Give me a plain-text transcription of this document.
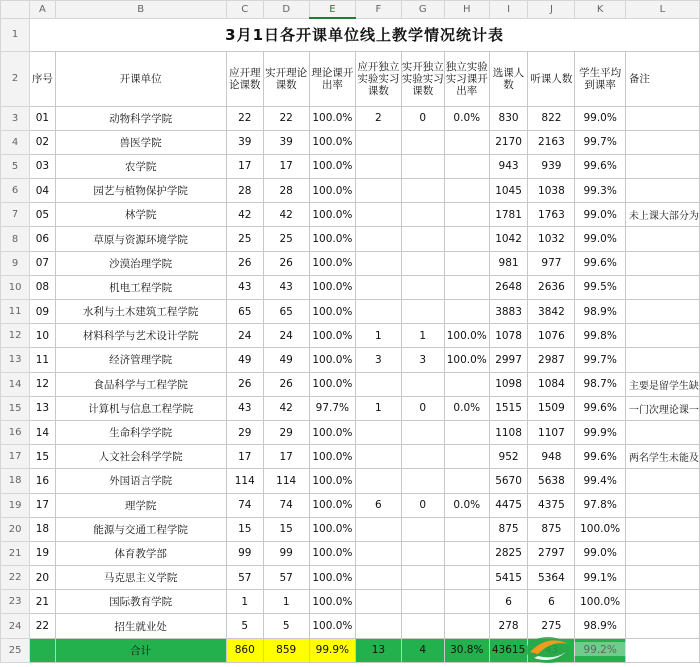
	A	B	C	D	E	F	G	H	I	J	K	L
1	3月1日各开课单位线上教学情况统计表											
2	序号	开课单位	应开理论课数	实开理论课数	理论课开出率	应开独立实验实习课数	实开独立实验实习课数	独立实验实习课开出率	选课人数	听课人数	学生平均到课率	备注
3	01	动物科学学院	22	22	100.0%	2	0	0.0%	830	822	99.0%	
4	02	兽医学院	39	39	100.0%				2170	2163	99.7%	
5	03	农学院	17	17	100.0%				943	939	99.6%	
6	04	园艺与植物保护学院	28	28	100.0%				1045	1038	99.3%	
7	05	林学院	42	42	100.0%				1781	1763	99.0%	未上课大部分为
8	06	草原与资源环境学院	25	25	100.0%				1042	1032	99.0%	
9	07	沙漠治理学院	26	26	100.0%				981	977	99.6%	
10	08	机电工程学院	43	43	100.0%				2648	2636	99.5%	
11	09	水利与土木建筑工程学院	65	65	100.0%				3883	3842	98.9%	
12	10	材料科学与艺术设计学院	24	24	100.0%	1	1	100.0%	1078	1076	99.8%	
13	11	经济管理学院	49	49	100.0%	3	3	100.0%	2997	2987	99.7%	
14	12	食品科学与工程学院	26	26	100.0%				1098	1084	98.7%	主要是留学生缺
15	13	计算机与信息工程学院	43	42	97.7%	1	0	0.0%	1515	1509	99.6%	一门次理论课一
16	14	生命科学学院	29	29	100.0%				1108	1107	99.9%	
17	15	人文社会科学学院	17	17	100.0%				952	948	99.6%	两名学生未能及
18	16	外国语言学院	114	114	100.0%				5670	5638	99.4%	
19	17	理学院	74	74	100.0%	6	0	0.0%	4475	4375	97.8%	
20	18	能源与交通工程学院	15	15	100.0%				875	875	100.0%	
21	19	体育教学部	99	99	100.0%				2825	2797	99.0%	
22	20	马克思主义学院	57	57	100.0%				5415	5364	99.1%	
23	21	国际教育学院	1	1	100.0%				6	6	100.0%	
24	22	招生就业处	5	5	100.0%				278	275	98.9%	
25		合计	860	859	99.9%	13	4	30.8%	43615		99.2%	
